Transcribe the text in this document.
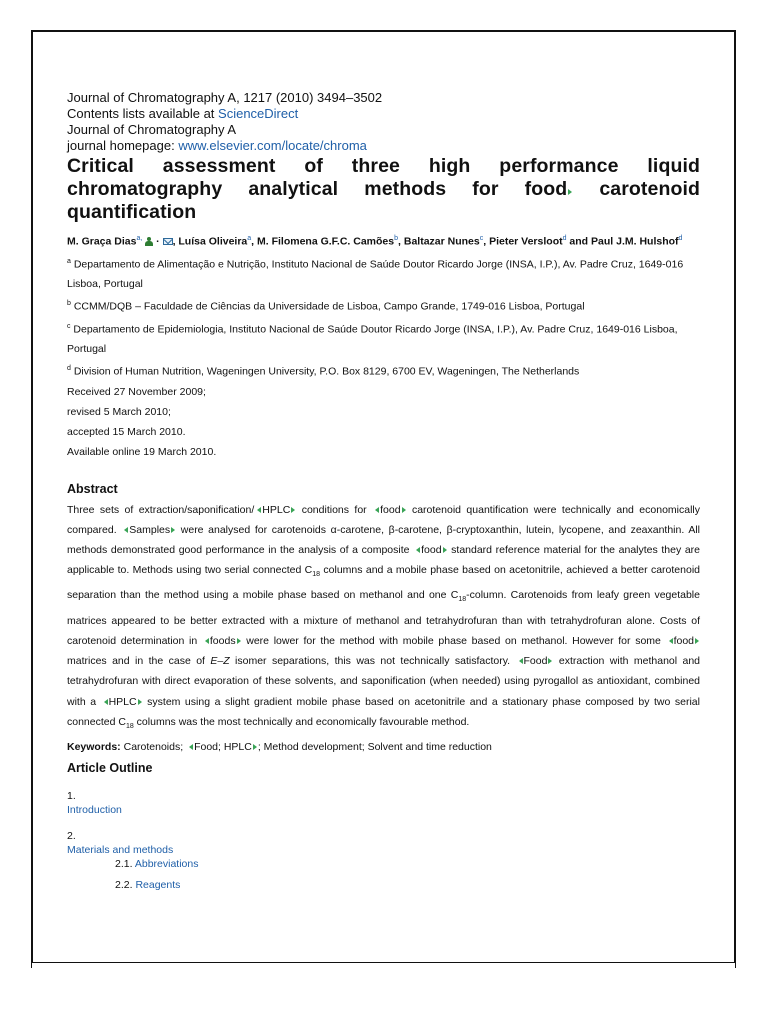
Journal of Chromatography A, 1217 (2010) 3494–3502

Contents lists available at ScienceDirect

Journal of Chromatography A

journal homepage: www.elsevier.com/locate/chroma

Critical assessment of three high performance liquid chromatography analytical methods for food carotenoid quantification

M. Graça Dias$^{a,}$  · , Luísa Oliveira$^a$, M. Filomena G.F.C. Camões$^b$, Baltazar Nunes$^c$, Pieter Versloot$^d$ and Paul J.M. Hulshof$^d$

$^a$ Departamento de Alimentação e Nutrição, Instituto Nacional de Saúde Doutor Ricardo Jorge (INSA, I.P.), Av. Padre Cruz, 1649-016 Lisboa, Portugal

$^b$ CCMM/DQB – Faculdade de Ciências da Universidade de Lisboa, Campo Grande, 1749-016 Lisboa, Portugal

$^c$ Departamento de Epidemiologia, Instituto Nacional de Saúde Doutor Ricardo Jorge (INSA, I.P.), Av. Padre Cruz, 1649-016 Lisboa, Portugal

$^d$ Division of Human Nutrition, Wageningen University, P.O. Box 8129, 6700 EV, Wageningen, The Netherlands

Received 27 November 2009;

revised 5 March 2010;

accepted 15 March 2010.

Available online 19 March 2010.

Abstract

Three sets of extraction/saponification/ HPLC conditions for food carotenoid quantification were technically and economically compared. Samples were analysed for carotenoids α-carotene, β-carotene, β-cryptoxanthin, lutein, lycopene, and zeaxanthin. All methods demonstrated good performance in the analysis of a composite food standard reference material for the analytes they are applicable to. Methods using two serial connected $C_{18}$ columns and a mobile phase based on acetonitrile, achieved a better carotenoid separation than the method using a mobile phase based on methanol and one $C_{18}$-column. Carotenoids from leafy green vegetable matrices appeared to be better extracted with a mixture of methanol and tetrahydrofuran than with tetrahydrofuran alone. Costs of carotenoid determination in foods were lower for the method with mobile phase based on methanol. However for some food matrices and in the case of E–Z isomer separations, this was not technically satisfactory. Food extraction with methanol and tetrahydrofuran with direct evaporation of these solvents, and saponification (when needed) using pyrogallol as antioxidant, combined with a HPLC system using a slight gradient mobile phase based on acetonitrile and a stationary phase composed by two serial connected $C_{18}$ columns was the most technically and economically favourable method.

Keywords: Carotenoids; Food; HPLC ; Method development; Solvent and time reduction

Article Outline

1.

Introduction

2.

Materials and methods

2.1. Abbreviations

2.2. Reagents
